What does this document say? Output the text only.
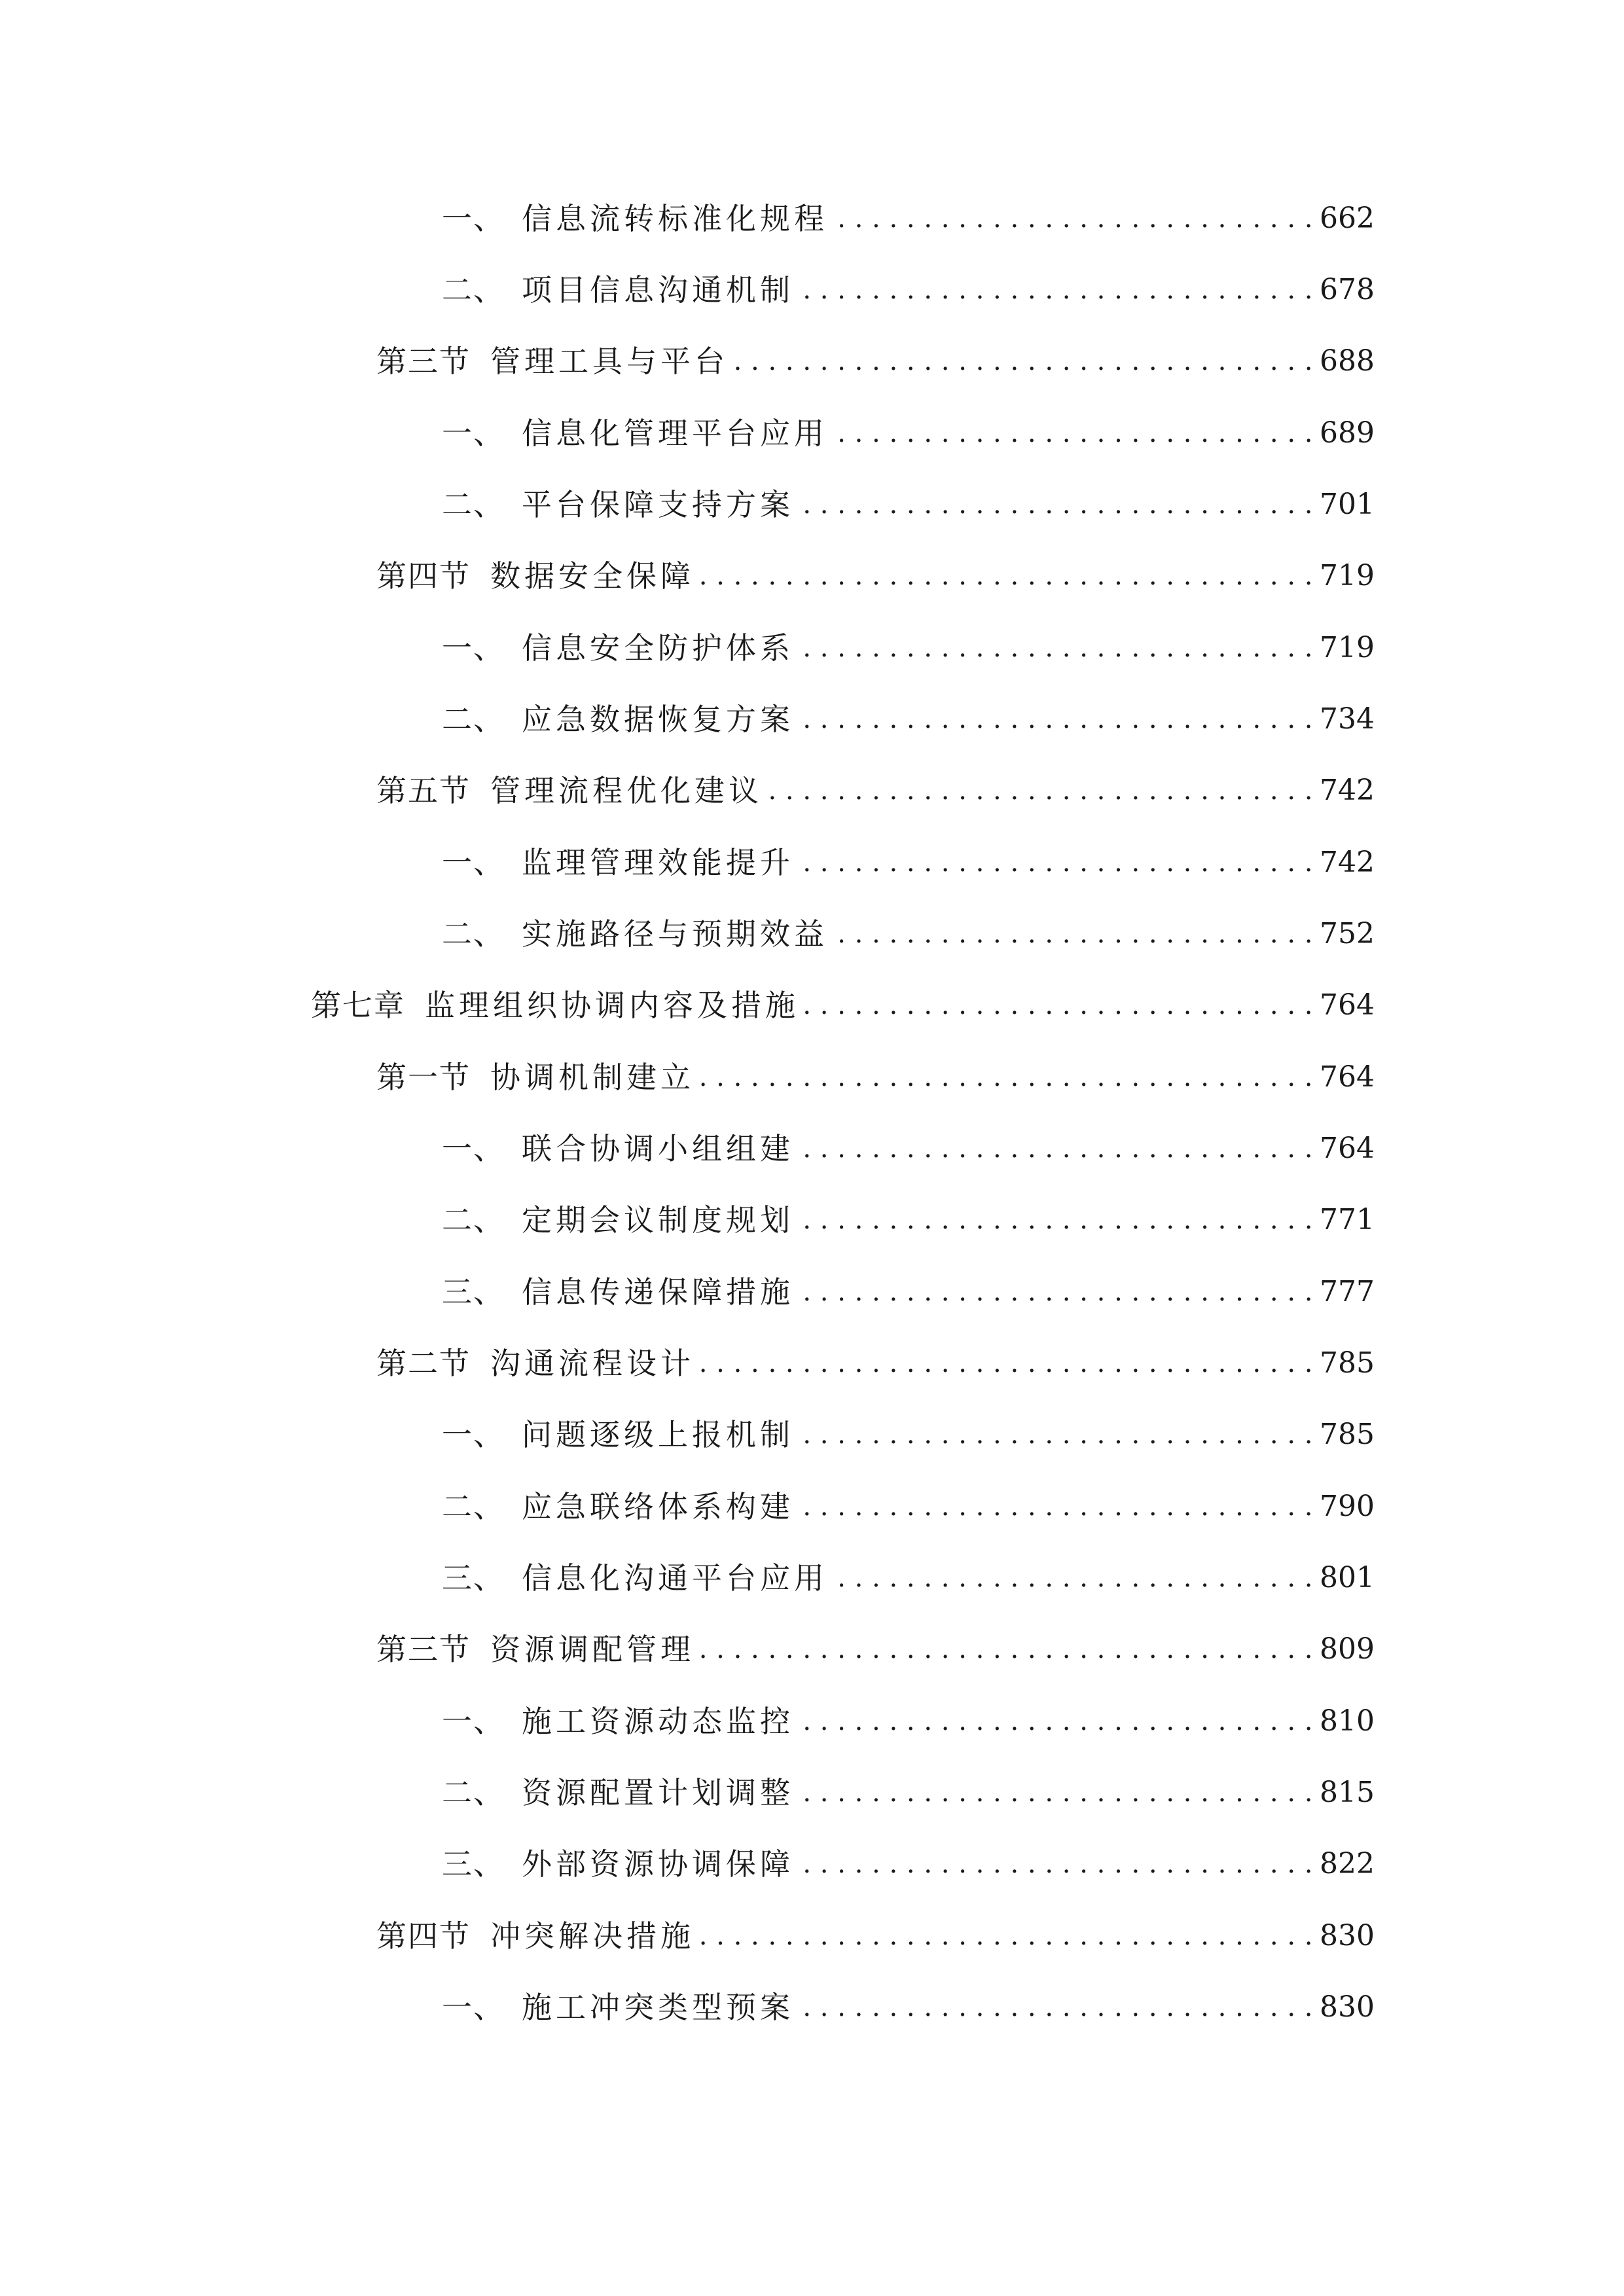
一、 信息流转标准化规程 . . .	662
二、 项目信息沟通机制 . . .	678
第三节 管理工具与平台 . . .	688
一、 信息化管理平台应用 . . .	689
二、 平台保障支持方案 . . .	701
第四节 数据安全保障 . . .	719
一、 信息安全防护体系 . . .	719
二、 应急数据恢复方案 . . .	734
第五节 管理流程优化建议 . . .	742
一、 监理管理效能提升 . . .	742
二、 实施路径与预期效益 . . .	752
第七章 监理组织协调内容及措施 . . .	764
第一节 协调机制建立 . . .	764
一、 联合协调小组组建 . . .	764
二、 定期会议制度规划 . . .	771
三、 信息传递保障措施 . . .	777
第二节 沟通流程设计 . . .	785
一、 问题逐级上报机制 . . .	785
二、 应急联络体系构建 . . .	790
三、 信息化沟通平台应用 . . .	801
第三节 资源调配管理 . . .	809
一、 施工资源动态监控 . . .	810
二、 资源配置计划调整 . . .	815
三、 外部资源协调保障 . . .	822
第四节 冲突解决措施 . . .	830
一、 施工冲突类型预案 . . .	830
